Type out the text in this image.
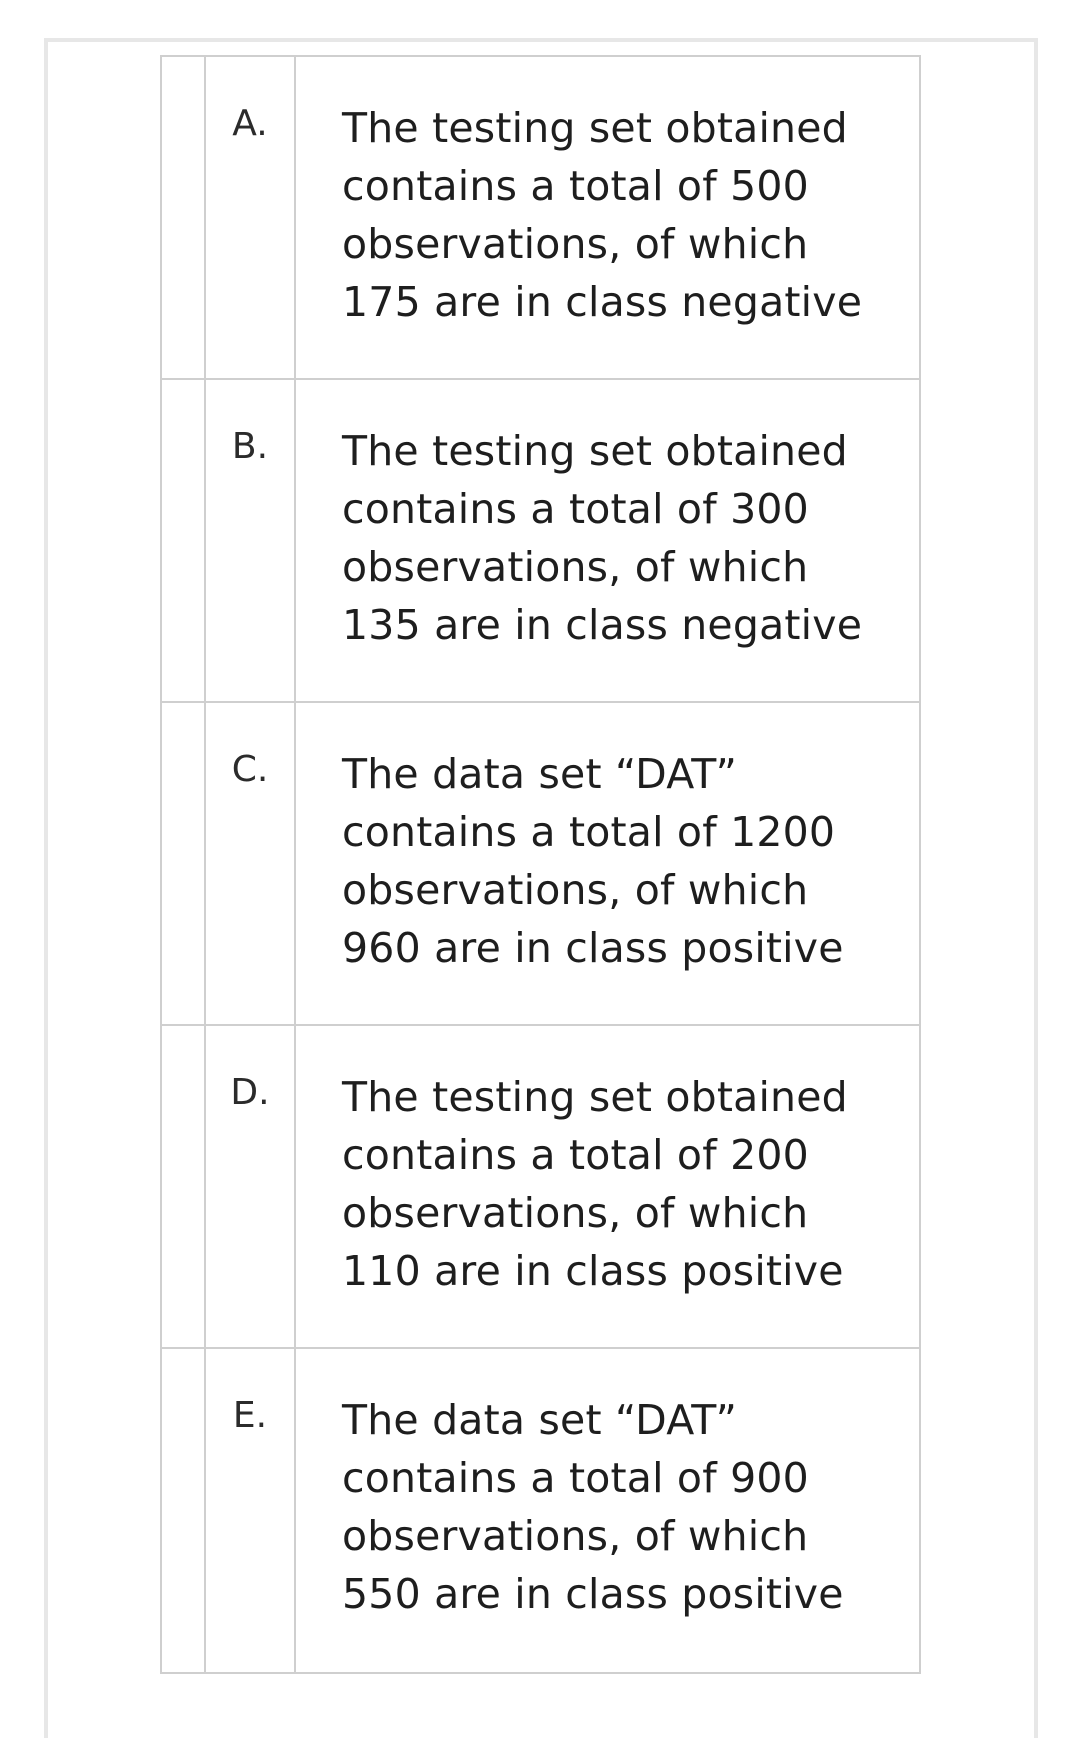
	A.	The testing set obtained
contains a total of 500
observations, of which
175 are in class negative

	B.	The testing set obtained
contains a total of 300
observations, of which
135 are in class negative

	C.	The data set “DAT”
contains a total of 1200
observations, of which
960 are in class positive

	D.	The testing set obtained
contains a total of 200
observations, of which
110 are in class positive

	E.	The data set “DAT”
contains a total of 900
observations, of which
550 are in class positive
